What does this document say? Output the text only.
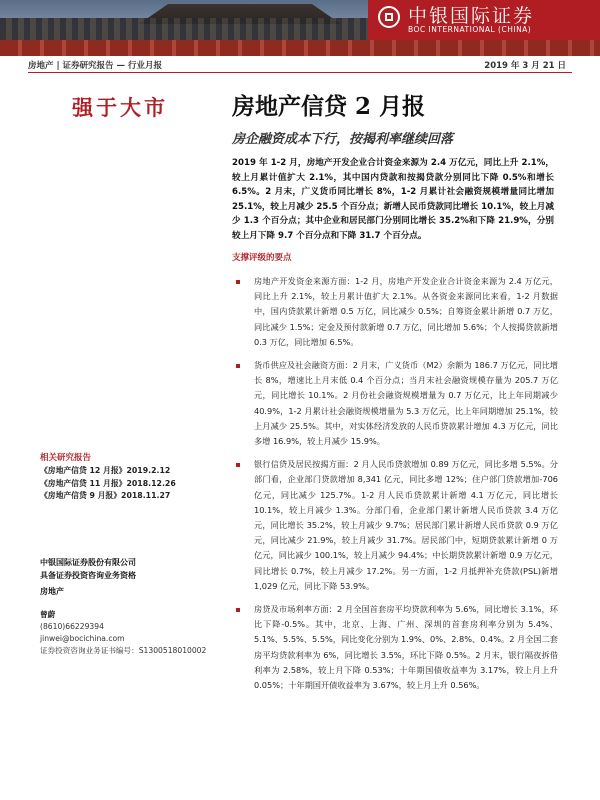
中银国际证券
BOC INTERNATIONAL (CHINA)
房地产 | 证券研究报告 — 行业月报	2019 年 3 月 21 日
强于大市	房地产信贷 2 月报
房企融资成本下行，按揭利率继续回落
2019 年 1-2 月，房地产开发企业合计资金来源为 2.4 万亿元，同比上升 2.1%，较上月累计值扩大 2.1%，其中国内贷款和按揭贷款分别同比下降 0.5%和增长 6.5%。2 月末，广义货币同比增长 8%，1-2 月累计社会融资规模增量同比增加 25.1%，较上月减少 25.5 个百分点；新增人民币贷款同比增长 10.1%，较上月减少 1.3 个百分点；其中企业和居民部门分别同比增长 35.2%和下降 21.9%，分别较上月下降 9.7 个百分点和下降 31.7 个百分点。
支撑评级的要点
房地产开发资金来源方面：1-2 月，房地产开发企业合计资金来源为 2.4 万亿元，同比上升 2.1%，较上月累计值扩大 2.1%。从各资金来源同比来看，1-2 月数据中，国内贷款累计新增 0.5 万亿，同比减少 0.5%；自筹资金累计新增 0.7 万亿，同比减少 1.5%；定金及预付款新增 0.7 万亿，同比增加 5.6%；个人按揭贷款新增 0.3 万亿，同比增加 6.5%。
货币供应及社会融资方面：2 月末，广义货币（M2）余额为 186.7 万亿元，同比增长 8%，增速比上月末低 0.4 个百分点；当月末社会融资规模存量为 205.7 万亿元，同比增长 10.1%。2 月份社会融资规模增量为 0.7 万亿元，比上年同期减少 40.9%，1-2 月累计社会融资规模增量为 5.3 万亿元，比上年同期增加 25.1%，较上月减少 25.5%。其中，对实体经济发放的人民币贷款累计增加 4.3 万亿元，同比多增 16.9%，较上月减少 15.9%。
银行信贷及居民按揭方面：2 月人民币贷款增加 0.89 万亿元，同比多增 5.5%。分部门看，企业部门贷款增加 8,341 亿元，同比多增 12%；住户部门贷款增加-706 亿元，同比减少 125.7%。1-2 月人民币贷款累计新增 4.1 万亿元，同比增长 10.1%，较上月减少 1.3%。分部门看，企业部门累计新增人民币贷款 3.4 万亿元，同比增长 35.2%，较上月减少 9.7%；居民部门累计新增人民币贷款 0.9 万亿元，同比减少 21.9%，较上月减少 31.7%。居民部门中，短期贷款累计新增 0 万亿元，同比减少 100.1%，较上月减少 94.4%；中长期贷款累计新增 0.9 万亿元，同比增长 0.7%，较上月减少 17.2%。另一方面，1-2 月抵押补充贷款(PSL)新增 1,029 亿元，同比下降 53.9%。
房贷及市场利率方面：2 月全国首套房平均贷款利率为 5.6%，同比增长 3.1%，环比下降-0.5%。其中，北京、上海、广州、深圳的首套房利率分别为 5.4%、5.1%、5.5%、5.5%，同比变化分别为 1.9%、0%、2.8%、0.4%。2 月全国二套房平均贷款利率为 6%，同比增长 3.5%，环比下降 0.5%。2 月末，银行隔夜拆借利率为 2.58%，较上月下降 0.53%；十年期国债收益率为 3.17%，较上月上升 0.05%；十年期国开债收益率为 3.67%，较上月上升 0.56%。
相关研究报告
《房地产信贷 12 月报》2019.2.12
《房地产信贷 11 月报》2018.12.26
《房地产信贷 9 月报》2018.11.27
中银国际证券股份有限公司
具备证券投资咨询业务资格
房地产
曾蔚
(8610)66229394
jinwei@bocichina.com
证券投资咨询业务证书编号：S1300518010002
